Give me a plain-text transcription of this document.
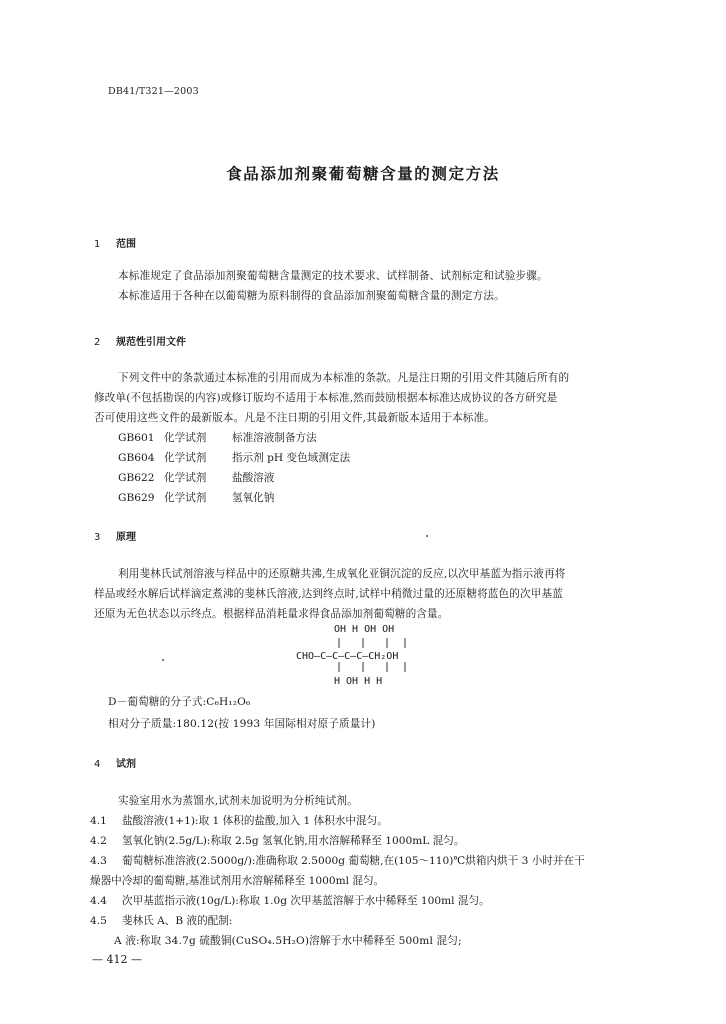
DB41/T321—2003
食品添加剂聚葡萄糖含量的测定方法
1 范围
本标准规定了食品添加剂聚葡萄糖含量测定的技术要求、试样制备、试剂标定和试验步骤。
本标准适用于各种在以葡萄糖为原料制得的食品添加剂聚葡萄糖含量的测定方法。
2 规范性引用文件
下列文件中的条款通过本标准的引用而成为本标准的条款。凡是注日期的引用文件其随后所有的
修改单(不包括勘误的内容)或修订版均不适用于本标准,然而鼓励根据本标准达成协议的各方研究是
否可使用这些文件的最新版本。凡是不注日期的引用文件,其最新版本适用于本标准。
GB601 化学试剂 标准溶液制备方法
GB604 化学试剂 指示剂 pH 变色域测定法
GB622 化学试剂 盐酸溶液
GB629 化学试剂 氢氧化钠
3 原理
利用斐林氏试剂溶液与样品中的还原糖共沸,生成氧化亚铜沉淀的反应,以次甲基蓝为指示液再将
样品或经水解后试样滴定煮沸的斐林氏溶液,达到终点时,试样中稍微过量的还原糖将蓝色的次甲基蓝
还原为无色状态以示终点。根据样品消耗量求得食品添加剂葡萄糖的含量。
OH H OH OH
CHO—C—C—C—C—CH₂OH
H OH H H
D－葡萄糖的分子式:C₆H₁₂O₆
相对分子质量:180.12(按 1993 年国际相对原子质量计)
4 试剂
实验室用水为蒸馏水,试剂未加说明为分析纯试剂。
4.1 盐酸溶液(1+1):取 1 体积的盐酸,加入 1 体积水中混匀。
4.2 氢氧化钠(2.5g/L):称取 2.5g 氢氧化钠,用水溶解稀释至 1000mL 混匀。
4.3 葡萄糖标准溶液(2.5000g/):准确称取 2.5000g 葡萄糖,在(105～110)℃烘箱内烘干 3 小时并在干
燥器中冷却的葡萄糖,基准试剂用水溶解稀释至 1000ml 混匀。
4.4 次甲基蓝指示液(10g/L):称取 1.0g 次甲基蓝溶解于水中稀释至 100ml 混匀。
4.5 斐林氏 A、B 液的配制:
A 液:称取 34.7g 硫酸铜(CuSO₄.5H₂O)溶解于水中稀释至 500ml 混匀;
— 412 —
